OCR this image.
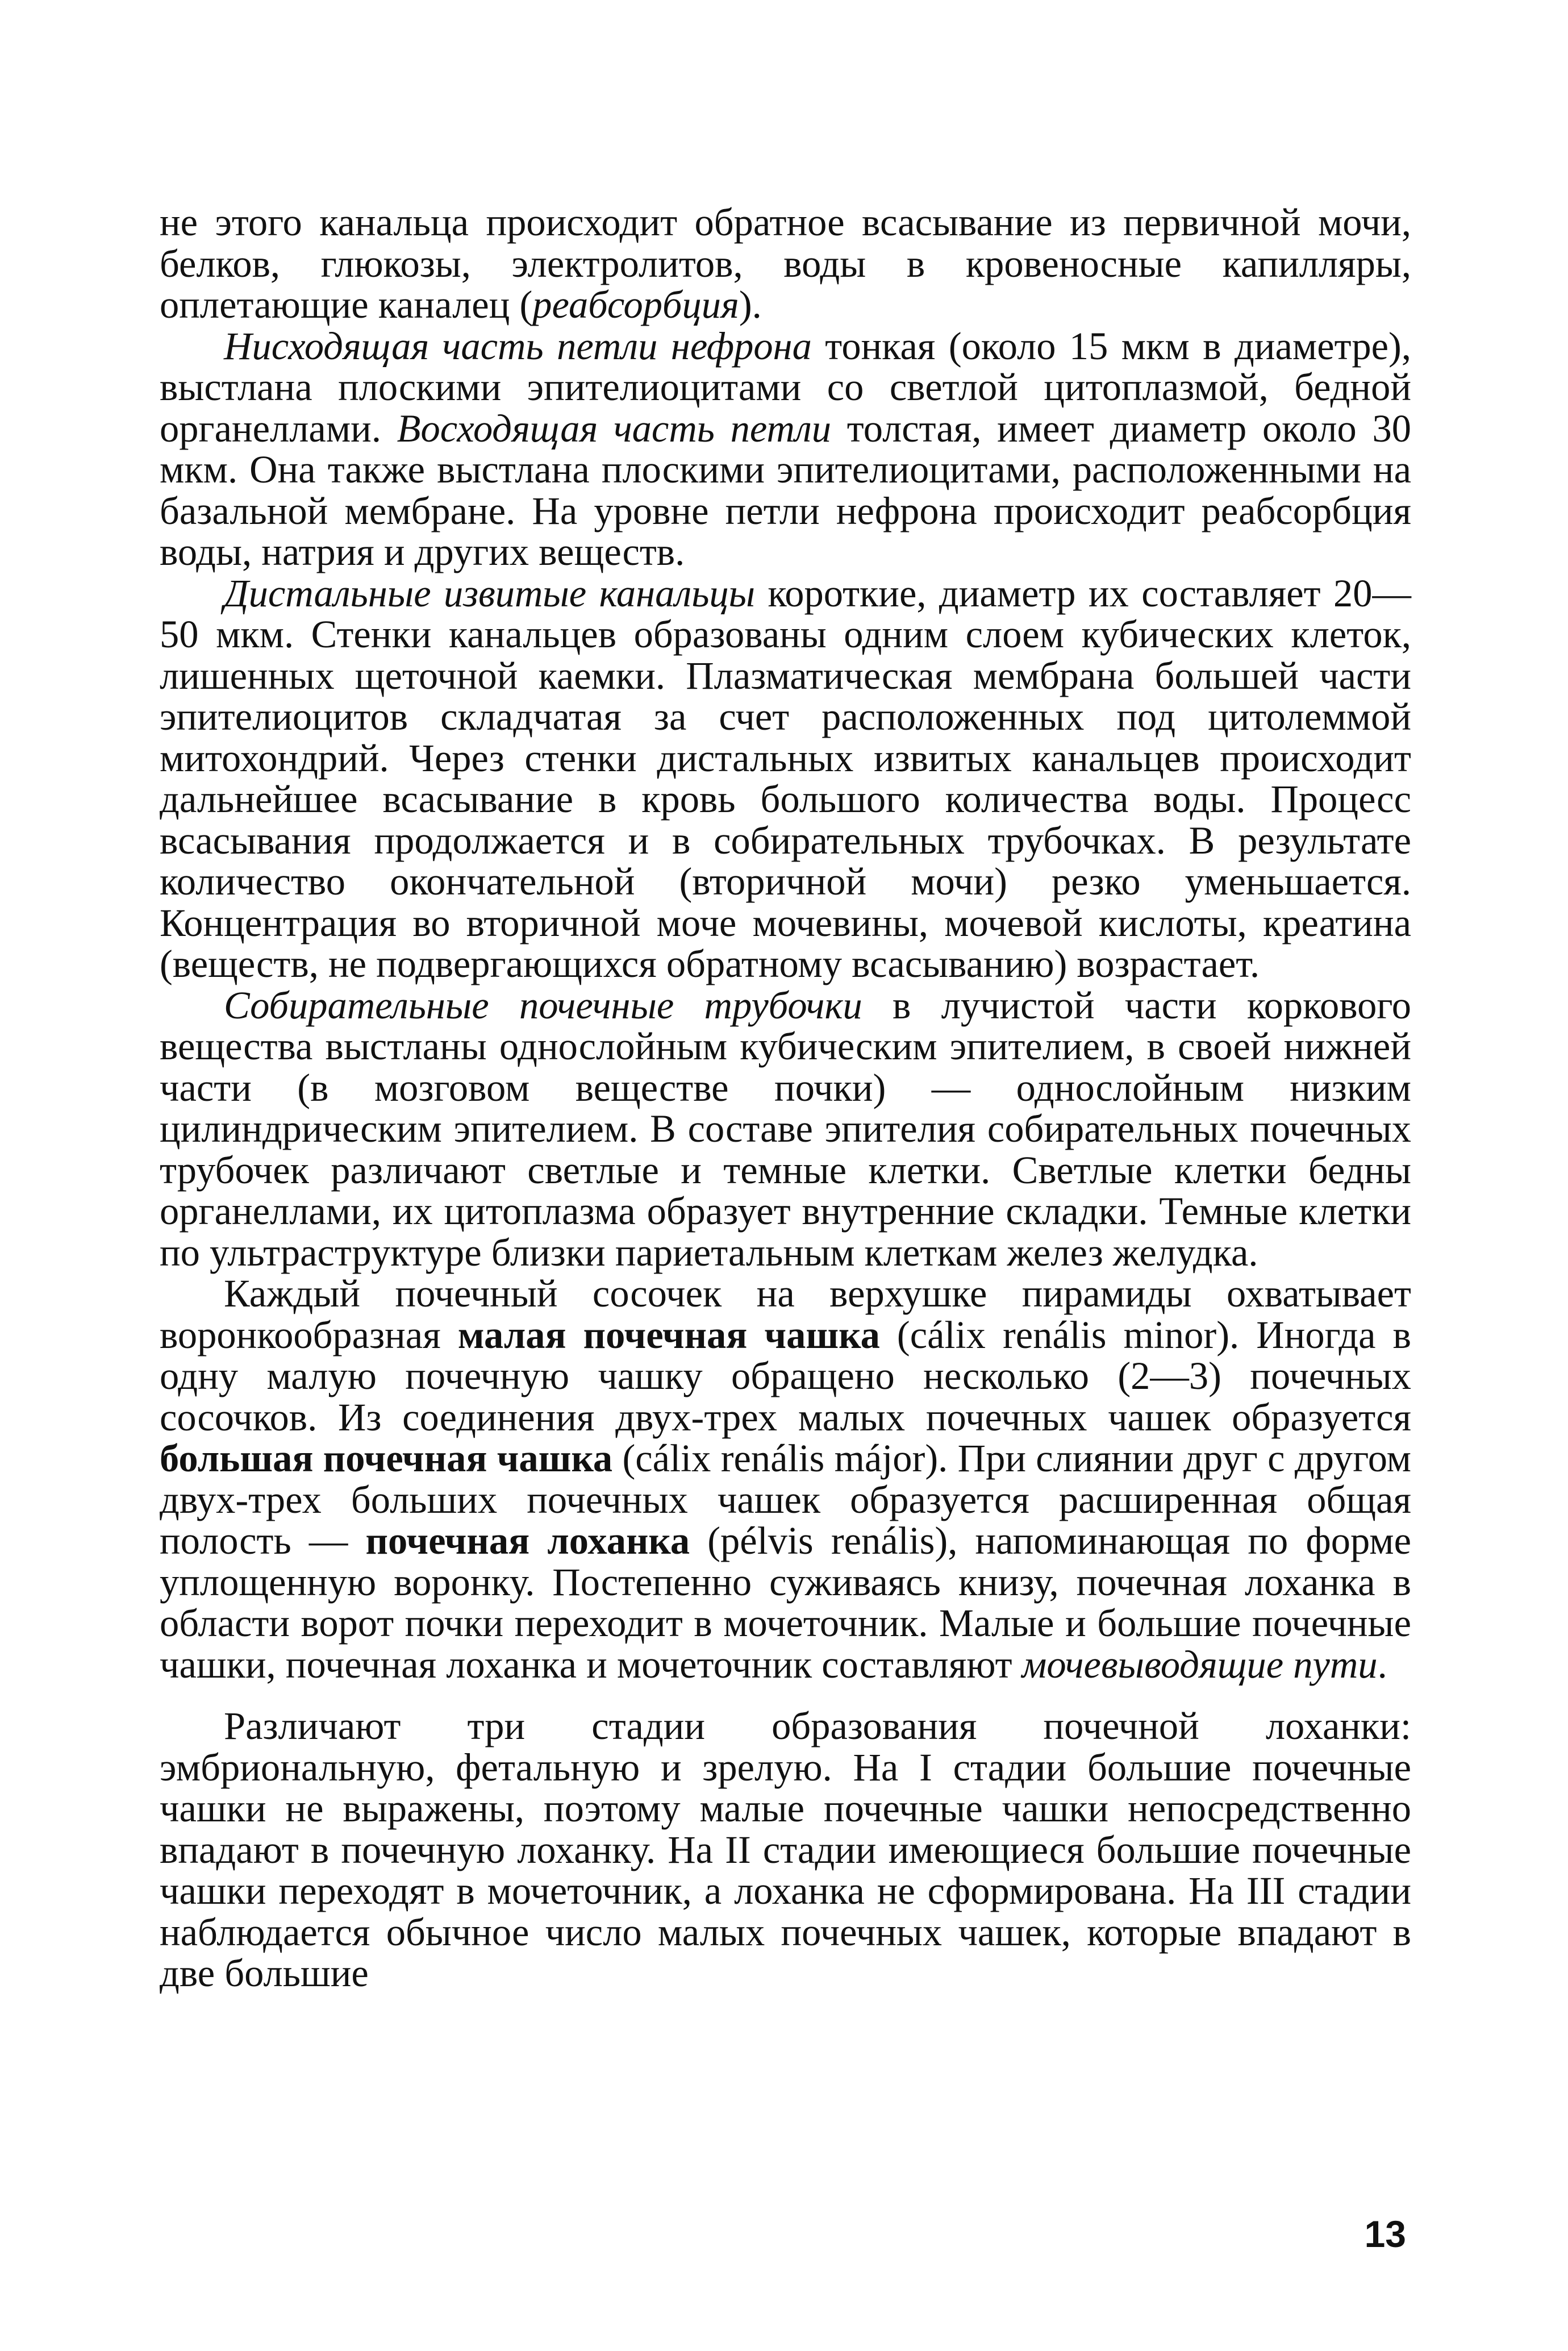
не этого канальца происходит обратное всасывание из первичной мочи, белков, глюкозы, электролитов, воды в кровеносные капилляры, оплетающие каналец (реабсорбция).

Нисходящая часть петли нефрона тонкая (около 15 мкм в диаметре), выстлана плоскими эпителиоцитами со светлой цитоплазмой, бедной органеллами. Восходящая часть петли толстая, имеет диаметр около 30 мкм. Она также выстлана плоскими эпителиоцитами, расположенными на базальной мембране. На уровне петли нефрона происходит реабсорбция воды, натрия и других веществ.

Дистальные извитые канальцы короткие, диаметр их составляет 20—50 мкм. Стенки канальцев образованы одним слоем кубических клеток, лишенных щеточной каемки. Плазматическая мембрана большей части эпителиоцитов складчатая за счет расположенных под цитолеммой митохондрий. Через стенки дистальных извитых канальцев происходит дальнейшее всасывание в кровь большого количества воды. Процесс всасывания продолжается и в собирательных трубочках. В результате количество окончательной (вторичной мочи) резко уменьшается. Концентрация во вторичной моче мочевины, мочевой кислоты, креатина (веществ, не подвергающихся обратному всасыванию) возрастает.

Собирательные почечные трубочки в лучистой части коркового вещества выстланы однослойным кубическим эпителием, в своей нижней части (в мозговом веществе почки) — однослойным низким цилиндрическим эпителием. В составе эпителия собирательных почечных трубочек различают светлые и темные клетки. Светлые клетки бедны органеллами, их цитоплазма образует внутренние складки. Темные клетки по ультраструктуре близки париетальным клеткам желез желудка.

Каждый почечный сосочек на верхушке пирамиды охватывает воронкообразная малая почечная чашка (cálix renális minor). Иногда в одну малую почечную чашку обращено несколько (2—3) почечных сосочков. Из соединения двух-трех малых почечных чашек образуется большая почечная чашка (cálix renális májor). При слиянии друг с другом двух-трех больших почечных чашек образуется расширенная общая полость — почечная лоханка (pélvis renális), напоминающая по форме уплощенную воронку. Постепенно суживаясь книзу, почечная лоханка в области ворот почки переходит в мочеточник. Малые и большие почечные чашки, почечная лоханка и мочеточник составляют мочевыводящие пути.

Различают три стадии образования почечной лоханки: эмбриональную, фетальную и зрелую. На I стадии большие почечные чашки не выражены, поэтому малые почечные чашки непосредственно впадают в почечную лоханку. На II стадии имеющиеся большие почечные чашки переходят в мочеточник, а лоханка не сформирована. На III стадии наблюдается обычное число малых почечных чашек, которые впадают в две большие

13
